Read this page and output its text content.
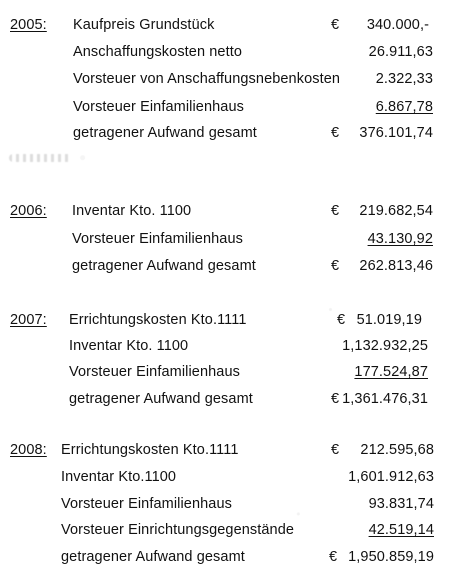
2005: Kaufpreis Grundstück	€ 340.000,-
Anschaffungskosten netto	26.911,63
Vorsteuer von Anschaffungsnebenkosten 2.322,33
Vorsteuer Einfamilienhaus	6.867,78
getragener Aufwand gesamt	€ 376.101,74
2006: Inventar Kto. 1100	€ 219.682,54
Vorsteuer Einfamilienhaus	43.130,92
getragener Aufwand gesamt	€ 262.813,46
2007: Errichtungskosten Kto.1111	€ 51.019,19
Inventar Kto. 1100	1,132.932,25
Vorsteuer Einfamilienhaus	177.524,87
getragener Aufwand gesamt	€ 1,361.476,31
2008: Errichtungskosten Kto.1111	€ 212.595,68
Inventar Kto.1100	1,601.912,63
Vorsteuer Einfamilienhaus	93.831,74
Vorsteuer Einrichtungsgegenstände	42.519,14
getragener Aufwand gesamt	€ 1,950.859,19
